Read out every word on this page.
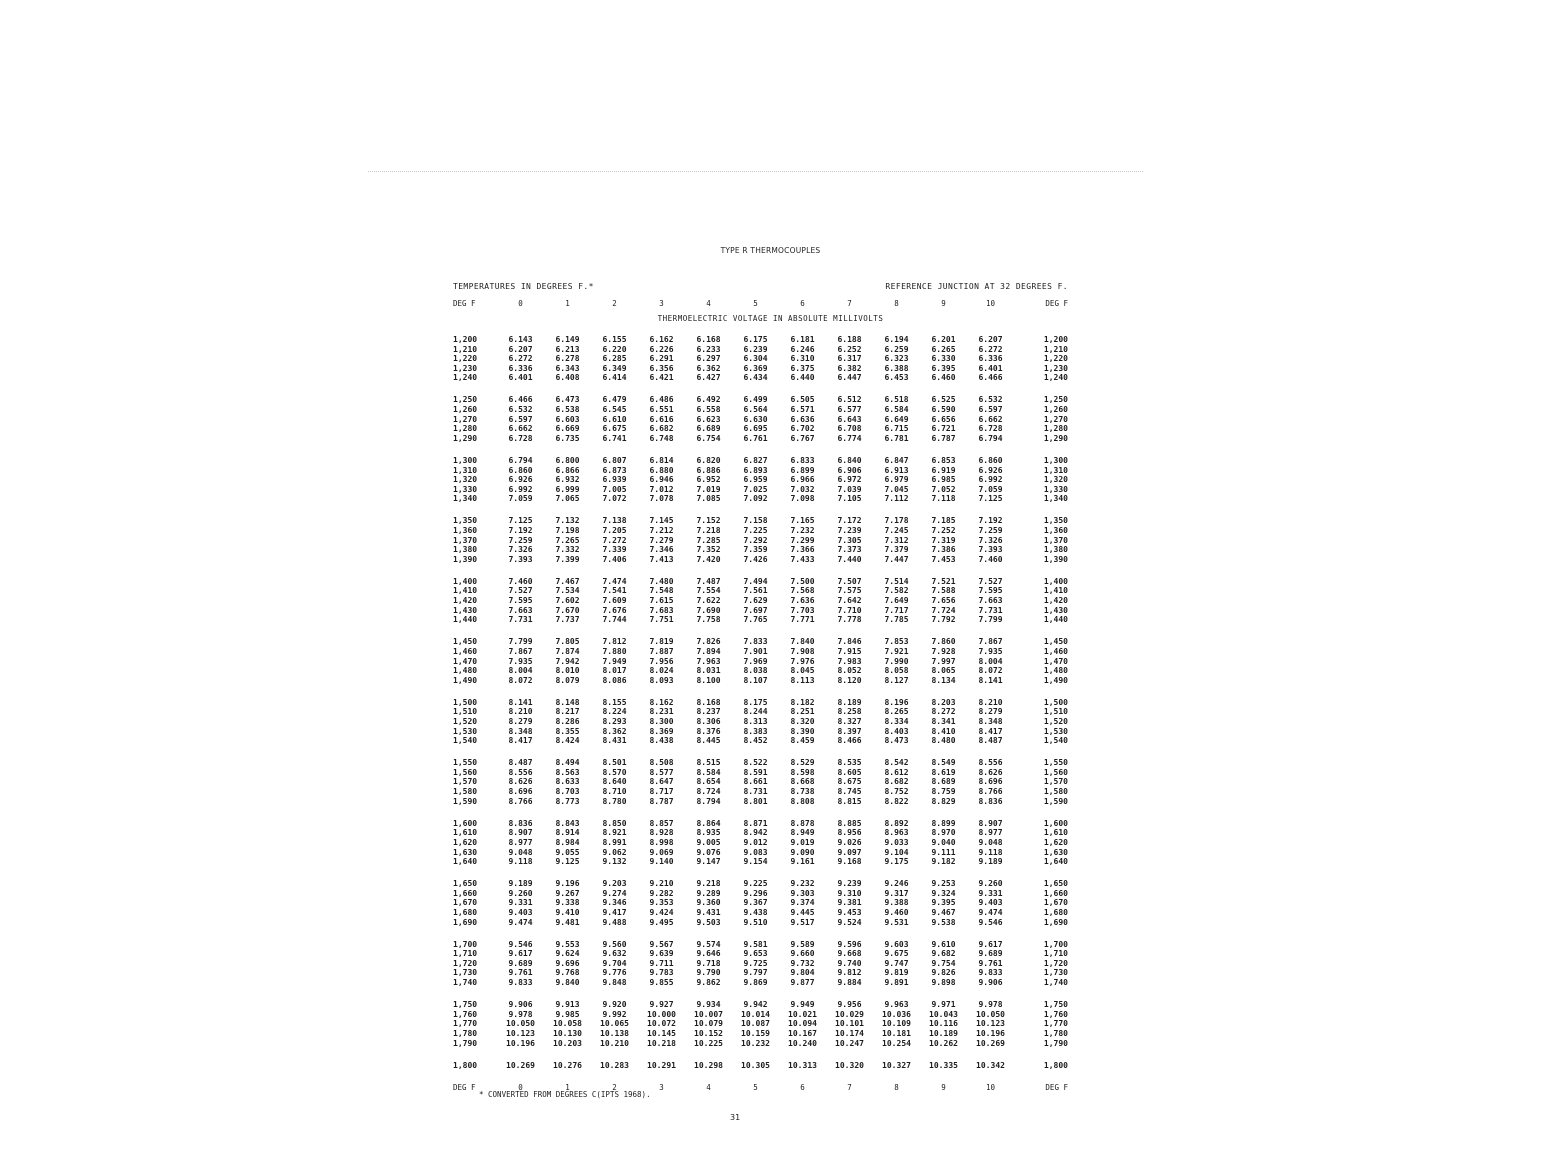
TYPE R THERMOCOUPLES
TEMPERATURES IN DEGREES F.*	REFERENCE JUNCTION AT 32 DEGREES F.
DEG F	0	1	2	3	4	5	6	7	8	9	10	DEG F
THERMOELECTRIC VOLTAGE IN ABSOLUTE MILLIVOLTS
1,200	6.143	6.149	6.155	6.162	6.168	6.175	6.181	6.188	6.194	6.201	6.207	1,200
1,210	6.207	6.213	6.220	6.226	6.233	6.239	6.246	6.252	6.259	6.265	6.272	1,210
1,220	6.272	6.278	6.285	6.291	6.297	6.304	6.310	6.317	6.323	6.330	6.336	1,220
1,230	6.336	6.343	6.349	6.356	6.362	6.369	6.375	6.382	6.388	6.395	6.401	1,230
1,240	6.401	6.408	6.414	6.421	6.427	6.434	6.440	6.447	6.453	6.460	6.466	1,240
1,250	6.466	6.473	6.479	6.486	6.492	6.499	6.505	6.512	6.518	6.525	6.532	1,250
1,260	6.532	6.538	6.545	6.551	6.558	6.564	6.571	6.577	6.584	6.590	6.597	1,260
1,270	6.597	6.603	6.610	6.616	6.623	6.630	6.636	6.643	6.649	6.656	6.662	1,270
1,280	6.662	6.669	6.675	6.682	6.689	6.695	6.702	6.708	6.715	6.721	6.728	1,280
1,290	6.728	6.735	6.741	6.748	6.754	6.761	6.767	6.774	6.781	6.787	6.794	1,290
1,300	6.794	6.800	6.807	6.814	6.820	6.827	6.833	6.840	6.847	6.853	6.860	1,300
1,310	6.860	6.866	6.873	6.880	6.886	6.893	6.899	6.906	6.913	6.919	6.926	1,310
1,320	6.926	6.932	6.939	6.946	6.952	6.959	6.966	6.972	6.979	6.985	6.992	1,320
1,330	6.992	6.999	7.005	7.012	7.019	7.025	7.032	7.039	7.045	7.052	7.059	1,330
1,340	7.059	7.065	7.072	7.078	7.085	7.092	7.098	7.105	7.112	7.118	7.125	1,340
1,350	7.125	7.132	7.138	7.145	7.152	7.158	7.165	7.172	7.178	7.185	7.192	1,350
1,360	7.192	7.198	7.205	7.212	7.218	7.225	7.232	7.239	7.245	7.252	7.259	1,360
1,370	7.259	7.265	7.272	7.279	7.285	7.292	7.299	7.305	7.312	7.319	7.326	1,370
1,380	7.326	7.332	7.339	7.346	7.352	7.359	7.366	7.373	7.379	7.386	7.393	1,380
1,390	7.393	7.399	7.406	7.413	7.420	7.426	7.433	7.440	7.447	7.453	7.460	1,390
1,400	7.460	7.467	7.474	7.480	7.487	7.494	7.500	7.507	7.514	7.521	7.527	1,400
1,410	7.527	7.534	7.541	7.548	7.554	7.561	7.568	7.575	7.582	7.588	7.595	1,410
1,420	7.595	7.602	7.609	7.615	7.622	7.629	7.636	7.642	7.649	7.656	7.663	1,420
1,430	7.663	7.670	7.676	7.683	7.690	7.697	7.703	7.710	7.717	7.724	7.731	1,430
1,440	7.731	7.737	7.744	7.751	7.758	7.765	7.771	7.778	7.785	7.792	7.799	1,440
1,450	7.799	7.805	7.812	7.819	7.826	7.833	7.840	7.846	7.853	7.860	7.867	1,450
1,460	7.867	7.874	7.880	7.887	7.894	7.901	7.908	7.915	7.921	7.928	7.935	1,460
1,470	7.935	7.942	7.949	7.956	7.963	7.969	7.976	7.983	7.990	7.997	8.004	1,470
1,480	8.004	8.010	8.017	8.024	8.031	8.038	8.045	8.052	8.058	8.065	8.072	1,480
1,490	8.072	8.079	8.086	8.093	8.100	8.107	8.113	8.120	8.127	8.134	8.141	1,490
1,500	8.141	8.148	8.155	8.162	8.168	8.175	8.182	8.189	8.196	8.203	8.210	1,500
1,510	8.210	8.217	8.224	8.231	8.237	8.244	8.251	8.258	8.265	8.272	8.279	1,510
1,520	8.279	8.286	8.293	8.300	8.306	8.313	8.320	8.327	8.334	8.341	8.348	1,520
1,530	8.348	8.355	8.362	8.369	8.376	8.383	8.390	8.397	8.403	8.410	8.417	1,530
1,540	8.417	8.424	8.431	8.438	8.445	8.452	8.459	8.466	8.473	8.480	8.487	1,540
1,550	8.487	8.494	8.501	8.508	8.515	8.522	8.529	8.535	8.542	8.549	8.556	1,550
1,560	8.556	8.563	8.570	8.577	8.584	8.591	8.598	8.605	8.612	8.619	8.626	1,560
1,570	8.626	8.633	8.640	8.647	8.654	8.661	8.668	8.675	8.682	8.689	8.696	1,570
1,580	8.696	8.703	8.710	8.717	8.724	8.731	8.738	8.745	8.752	8.759	8.766	1,580
1,590	8.766	8.773	8.780	8.787	8.794	8.801	8.808	8.815	8.822	8.829	8.836	1,590
1,600	8.836	8.843	8.850	8.857	8.864	8.871	8.878	8.885	8.892	8.899	8.907	1,600
1,610	8.907	8.914	8.921	8.928	8.935	8.942	8.949	8.956	8.963	8.970	8.977	1,610
1,620	8.977	8.984	8.991	8.998	9.005	9.012	9.019	9.026	9.033	9.040	9.048	1,620
1,630	9.048	9.055	9.062	9.069	9.076	9.083	9.090	9.097	9.104	9.111	9.118	1,630
1,640	9.118	9.125	9.132	9.140	9.147	9.154	9.161	9.168	9.175	9.182	9.189	1,640
1,650	9.189	9.196	9.203	9.210	9.218	9.225	9.232	9.239	9.246	9.253	9.260	1,650
1,660	9.260	9.267	9.274	9.282	9.289	9.296	9.303	9.310	9.317	9.324	9.331	1,660
1,670	9.331	9.338	9.346	9.353	9.360	9.367	9.374	9.381	9.388	9.395	9.403	1,670
1,680	9.403	9.410	9.417	9.424	9.431	9.438	9.445	9.453	9.460	9.467	9.474	1,680
1,690	9.474	9.481	9.488	9.495	9.503	9.510	9.517	9.524	9.531	9.538	9.546	1,690
1,700	9.546	9.553	9.560	9.567	9.574	9.581	9.589	9.596	9.603	9.610	9.617	1,700
1,710	9.617	9.624	9.632	9.639	9.646	9.653	9.660	9.668	9.675	9.682	9.689	1,710
1,720	9.689	9.696	9.704	9.711	9.718	9.725	9.732	9.740	9.747	9.754	9.761	1,720
1,730	9.761	9.768	9.776	9.783	9.790	9.797	9.804	9.812	9.819	9.826	9.833	1,730
1,740	9.833	9.840	9.848	9.855	9.862	9.869	9.877	9.884	9.891	9.898	9.906	1,740
1,750	9.906	9.913	9.920	9.927	9.934	9.942	9.949	9.956	9.963	9.971	9.978	1,750
1,760	9.978	9.985	9.992	10.000	10.007	10.014	10.021	10.029	10.036	10.043	10.050	1,760
1,770	10.050	10.058	10.065	10.072	10.079	10.087	10.094	10.101	10.109	10.116	10.123	1,770
1,780	10.123	10.130	10.138	10.145	10.152	10.159	10.167	10.174	10.181	10.189	10.196	1,780
1,790	10.196	10.203	10.210	10.218	10.225	10.232	10.240	10.247	10.254	10.262	10.269	1,790
1,800	10.269	10.276	10.283	10.291	10.298	10.305	10.313	10.320	10.327	10.335	10.342	1,800
DEG F	0	1	2	3	4	5	6	7	8	9	10	DEG F
* CONVERTED FROM DEGREES C(IPTS 1968).
31
